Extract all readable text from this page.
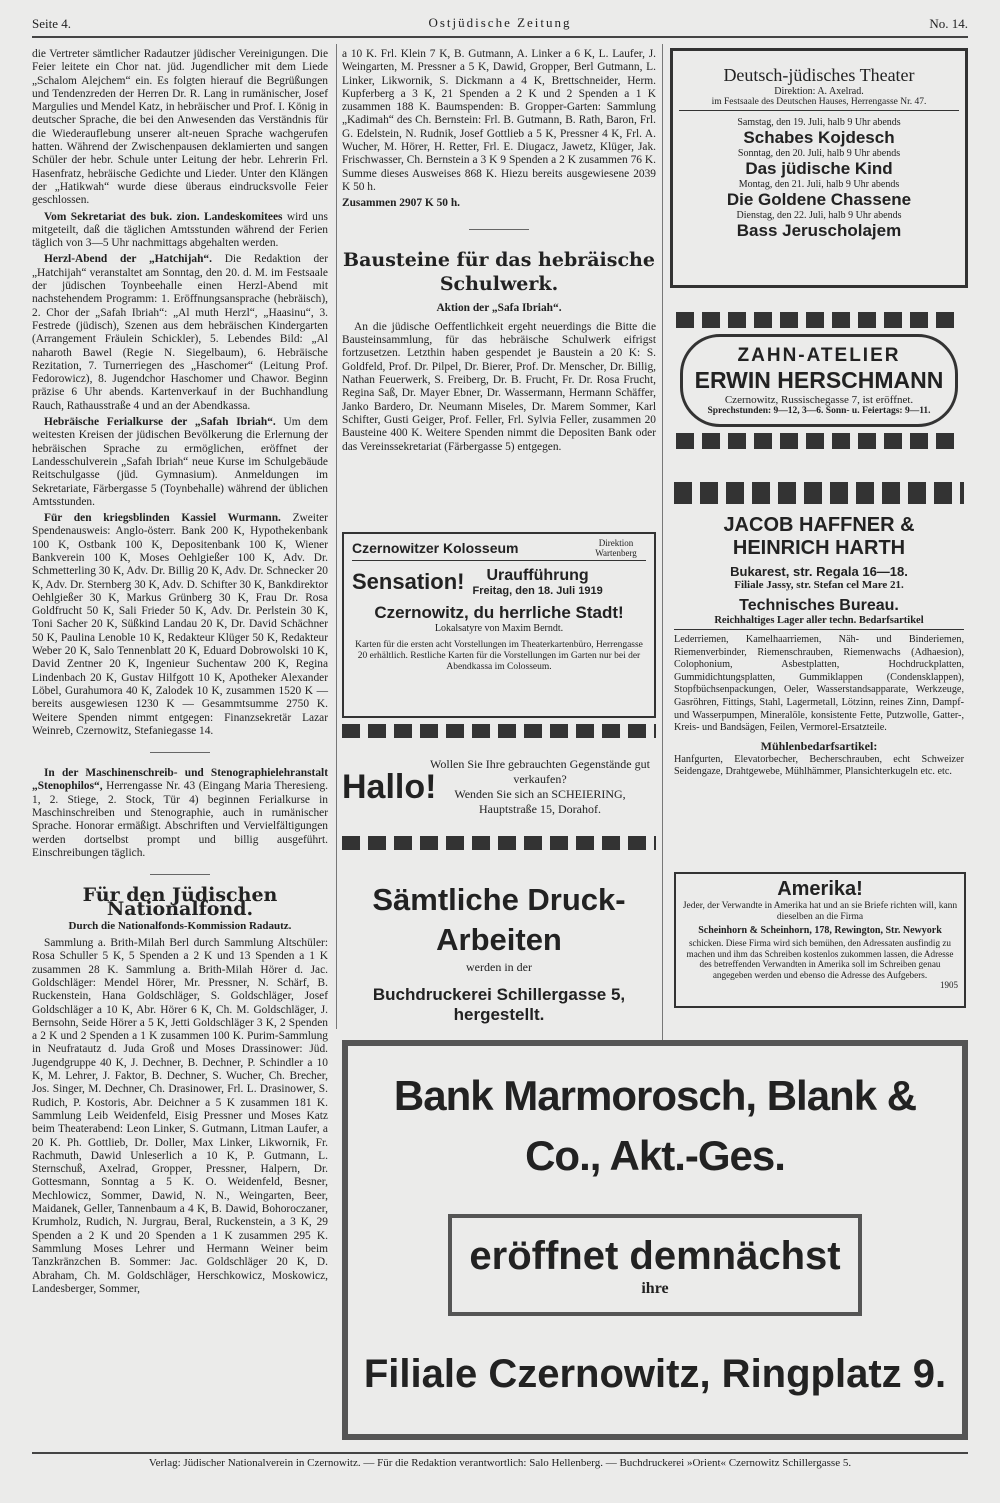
Seite 4.	Ostjüdische Zeitung	No. 14.

die Vertreter sämtlicher Radautzer jüdischer Vereinigungen. Die Feier leitete ein Chor nat. jüd. Jugendlicher mit dem Liede „Schalom Alejchem“ ein. Es folgten hierauf die Begrüßungen und Tendenzreden der Herren Dr. R. Lang in rumänischer, Josef Margulies und Mendel Katz, in hebräischer und Prof. I. König in deutscher Sprache, die bei den Anwesenden das Verständnis für die Wiederauflebung unserer alt-neuen Sprache wachgerufen hatten. Während der Zwischenpausen deklamierten und sangen Schüler der hebr. Schule unter Leitung der hebr. Lehrerin Frl. Hasenfratz, hebräische Gedichte und Lieder. Unter den Klängen der „Hatikwah“ wurde diese überaus eindrucksvolle Feier geschlossen.

Vom Sekretariat des buk. zion. Landeskomitees wird uns mitgeteilt, daß die täglichen Amtsstunden während der Ferien täglich von 3—5 Uhr nachmittags abgehalten werden.

Herzl-Abend der „Hatchijah“. Die Redaktion der „Hatchijah“ veranstaltet am Sonntag, den 20. d. M. im Festsaale der jüdischen Toynbeehalle einen Herzl-Abend mit nachstehendem Programm: 1. Eröffnungsansprache (hebräisch), 2. Chor der „Safah Ibriah“: „Al muth Herzl“, „Haasinu“, 3. Festrede (jüdisch), Szenen aus dem hebräischen Kindergarten (Arrangement Fräulein Schickler), 5. Lebendes Bild: „Al naharoth Bawel (Regie N. Siegelbaum), 6. Hebräische Rezitation, 7. Turnerriegen des „Haschomer“ (Leitung Prof. Fedorowicz), 8. Jugendchor Haschomer und Chawor. Beginn präzise 6 Uhr abends. Kartenverkauf in der Buchhandlung Rauch, Rathausstraße 4 und an der Abendkassa.

Hebräische Ferialkurse der „Safah Ibriah“. Um dem weitesten Kreisen der jüdischen Bevölkerung die Erlernung der hebräischen Sprache zu ermöglichen, eröffnet der Landesschulverein „Safah Ibriah“ neue Kurse im Schulgebäude Reitschulgasse (jüd. Gymnasium). Anmeldungen im Sekretariate, Färbergasse 5 (Toynbehalle) während der üblichen Amtsstunden.

Für den kriegsblinden Kassiel Wurmann. Zweiter Spendenausweis: Anglo-österr. Bank 200 K, Hypothekenbank 100 K, Ostbank 100 K, Depositenbank 100 K, Wiener Bankverein 100 K, Moses Oehlgießer 100 K, Adv. Dr. Schmetterling 30 K, Adv. Dr. Billig 20 K, Adv. Dr. Schnecker 20 K, Adv. Dr. Sternberg 30 K, Adv. D. Schifter 30 K, Bankdirektor Oehlgießer 30 K, Markus Grünberg 30 K, Frau Dr. Rosa Goldfrucht 50 K, Sali Frieder 50 K, Adv. Dr. Perlstein 30 K, Toni Sacher 20 K, Süßkind Landau 20 K, Dr. David Schächner 50 K, Paulina Lenoble 10 K, Redakteur Klüger 50 K, Redakteur Weber 20 K, Salo Tennenblatt 20 K, Eduard Dobrowolski 10 K, David Zentner 20 K, Ingenieur Suchentaw 200 K, Regina Lindenbach 20 K, Gustav Hilfgott 10 K, Apotheker Alexander Löbel, Gurahumora 40 K, Zalodek 10 K, zusammen 1520 K — bereits ausgewiesen 1230 K — Gesammtsumme 2750 K. Weitere Spenden nimmt entgegen: Finanzsekretär Lazar Weinreb, Czernowitz, Stefaniegasse 14.

In der Maschinenschreib- und Stenographielehranstalt „Stenophilos“, Herrengasse Nr. 43 (Eingang Maria Theresieng. 1, 2. Stiege, 2. Stock, Tür 4) beginnen Ferialkurse in Maschinschreiben und Stenographie, auch in rumänischer Sprache. Honorar ermäßigt. Abschriften und Vervielfältigungen werden dortselbst prompt und billig ausgeführt. Einschreibungen täglich.

Für den Jüdischen Nationalfond.
Durch die Nationalfonds-Kommission Radautz.

Sammlung a. Brith-Milah Berl durch Sammlung Altschüler: Rosa Schuller 5 K, 5 Spenden a 2 K und 13 Spenden a 1 K zusammen 28 K. Sammlung a. Brith-Milah Hörer d. Jac. Goldschläger: Mendel Hörer, Mr. Pressner, N. Schärf, B. Ruckenstein, Hana Goldschläger, S. Goldschläger, Josef Goldschläger a 10 K, Abr. Hörer 6 K, Ch. M. Goldschläger, J. Bernsohn, Seide Hörer a 5 K, Jetti Goldschläger 3 K, 2 Spenden a 2 K und 2 Spenden a 1 K zusammen 100 K. Purim-Sammlung in Neufratautz d. Juda Groß und Moses Drassinower: Jüd. Jugendgruppe 40 K, J. Dechner, B. Dechner, P. Schindler a 10 K, M. Lehrer, J. Faktor, B. Dechner, S. Wucher, Ch. Brecher, Jos. Singer, M. Dechner, Ch. Drasinower, Frl. L. Drasinower, S. Rudich, P. Kostoris, Abr. Deichner a 5 K zusammen 181 K. Sammlung Leib Weidenfeld, Eisig Pressner und Moses Katz beim Theaterabend: Leon Linker, S. Gutmann, Litman Laufer, a 20 K. Ph. Gottlieb, Dr. Doller, Max Linker, Likwornik, Fr. Rachmuth, Dawid Unleserlich a 10 K, P. Gutmann, L. Sternschuß, Axelrad, Gropper, Pressner, Halpern, Dr. Gottesmann, Sonntag a 5 K. O. Weidenfeld, Besner, Mechlowicz, Sommer, Dawid, N. N., Weingarten, Beer, Maidanek, Geller, Tannenbaum a 4 K, B. Dawid, Bohoroczaner, Krumholz, Rudich, N. Jurgrau, Beral, Ruckenstein, a 3 K, 29 Spenden a 2 K und 20 Spenden a 1 K zusammen 295 K. Sammlung Moses Lehrer und Hermann Weiner beim Tanzkränzchen B. Sommer: Jac. Goldschläger 20 K, D. Abraham, Ch. M. Goldschläger, Herschkowicz, Moskowicz, Landesberger, Sommer,

a 10 K. Frl. Klein 7 K, B. Gutmann, A. Linker a 6 K, L. Laufer, J. Weingarten, M. Pressner a 5 K, Dawid, Gropper, Berl Gutmann, L. Linker, Likwornik, S. Dickmann a 4 K, Brettschneider, Herm. Kupferberg a 3 K, 21 Spenden a 2 K und 2 Spenden a 1 K zusammen 188 K. Baumspenden: B. Gropper-Garten: Sammlung „Kadimah“ des Ch. Bernstein: Frl. B. Gutmann, B. Rath, Baron, Frl. G. Edelstein, N. Rudnik, Josef Gottlieb a 5 K, Pressner 4 K, Frl. A. Wucher, M. Hörer, H. Retter, Frl. E. Diugacz, Jawetz, Klüger, Jak. Frischwasser, Ch. Bernstein a 3 K 9 Spenden a 2 K zusammen 76 K. Summe dieses Ausweises 868 K. Hiezu bereits ausgewiesene 2039 K 50 h.

Zusammen 2907 K 50 h.

Bausteine für das hebräische Schulwerk.
Aktion der „Safa Ibriah“.

An die jüdische Oeffentlichkeit ergeht neuerdings die Bitte die Bausteinsammlung, für das hebräische Schulwerk eifrigst fortzusetzen. Letzthin haben gespendet je Baustein a 20 K: S. Goldfeld, Prof. Dr. Pilpel, Dr. Bierer, Prof. Dr. Menscher, Dr. Billig, Nathan Feuerwerk, S. Freiberg, Dr. B. Frucht, Fr. Dr. Rosa Frucht, Regina Saß, Dr. Mayer Ebner, Dr. Wassermann, Hermann Schäffer, Janko Bardero, Dr. Neumann Miseles, Dr. Marem Sommer, Karl Schifter, Gusti Geiger, Prof. Feller, Frl. Sylvia Feller, zusammen 20 Bausteine 400 K. Weitere Spenden nimmt die Depositen Bank oder das Vereinssekretariat (Färbergasse 5) entgegen.

Czernowitzer Kolosseum	Direktion Wartenberg
Sensation!	Uraufführung
Freitag, den 18. Juli 1919
Czernowitz, du herrliche Stadt!
Lokalsatyre von Maxim Berndt.
Karten für die ersten acht Vorstellungen im Theaterkartenbüro, Herrengasse 20 erhältlich. Restliche Karten für die Vorstellungen im Garten nur bei der Abendkassa im Colosseum.
Hallo!
Wollen Sie Ihre gebrauchten Gegenstände gut verkaufen?
Wenden Sie sich an SCHEIERING,
Hauptstraße 15, Dorahof.
Sämtliche Druck-Arbeiten
werden in der
Buchdruckerei Schillergasse 5, hergestellt.
Deutsch-jüdisches Theater
Direktion: A. Axelrad.
im Festsaale des Deutschen Hauses, Herrengasse Nr. 47.
Samstag, den 19. Juli, halb 9 Uhr abends
Schabes Kojdesch
Sonntag, den 20. Juli, halb 9 Uhr abends
Das jüdische Kind
Montag, den 21. Juli, halb 9 Uhr abends
Die Goldene Chassene
Dienstag, den 22. Juli, halb 9 Uhr abends
Bass Jeruscholajem
ZAHN-ATELIER
ERWIN HERSCHMANN
Czernowitz, Russischegasse 7, ist eröffnet.
Sprechstunden: 9—12, 3—6. Sonn- u. Feiertags: 9—11.
JACOB HAFFNER & HEINRICH HARTH
Bukarest, str. Regala 16—18.
Filiale Jassy, str. Stefan cel Mare 21.
Technisches Bureau.
Reichhaltiges Lager aller techn. Bedarfsartikel
Lederriemen, Kamelhaarriemen, Näh- und Binderiemen, Riemenverbinder, Riemenschrauben, Riemenwachs (Adhaesion), Colophonium, Asbestplatten, Hochdruckplatten, Gummidichtungsplatten, Gummiklappen (Condensklappen), Stopfbüchsenpackungen, Oeler, Wasserstandsapparate, Werkzeuge, Gasröhren, Fittings, Stahl, Lagermetall, Lötzinn, reines Zinn, Dampf- und Wasserpumpen, Mineralöle, konsistente Fette, Putzwolle, Gatter-, Kreis- und Bandsägen, Feilen, Vermorel-Ersatzteile.
Mühlenbedarfsartikel:
Hanfgurten, Elevatorbecher, Becherschrauben, echt Schweizer Seidengaze, Drahtgewebe, Mühlhämmer, Plansichterkugeln etc. etc.
Amerika!
Jeder, der Verwandte in Amerika hat und an sie Briefe richten will, kann dieselben an die Firma
Scheinhorn & Scheinhorn, 178, Rewington, Str. Newyork
schicken. Diese Firma wird sich bemühen, den Adressaten ausfindig zu machen und ihm das Schreiben kostenlos zukommen lassen, die Adresse des betreffenden Verwandten in Amerika soll im Schreiben genau angegeben werden und ebenso die Adresse des Aufgebers.
1905
Bank Marmorosch, Blank & Co., Akt.-Ges.
eröffnet demnächst
ihre
Filiale Czernowitz, Ringplatz 9.
Verlag: Jüdischer Nationalverein in Czernowitz. — Für die Redaktion verantwortlich: Salo Hellenberg. — Buchdruckerei »Orient« Czernowitz Schillergasse 5.
